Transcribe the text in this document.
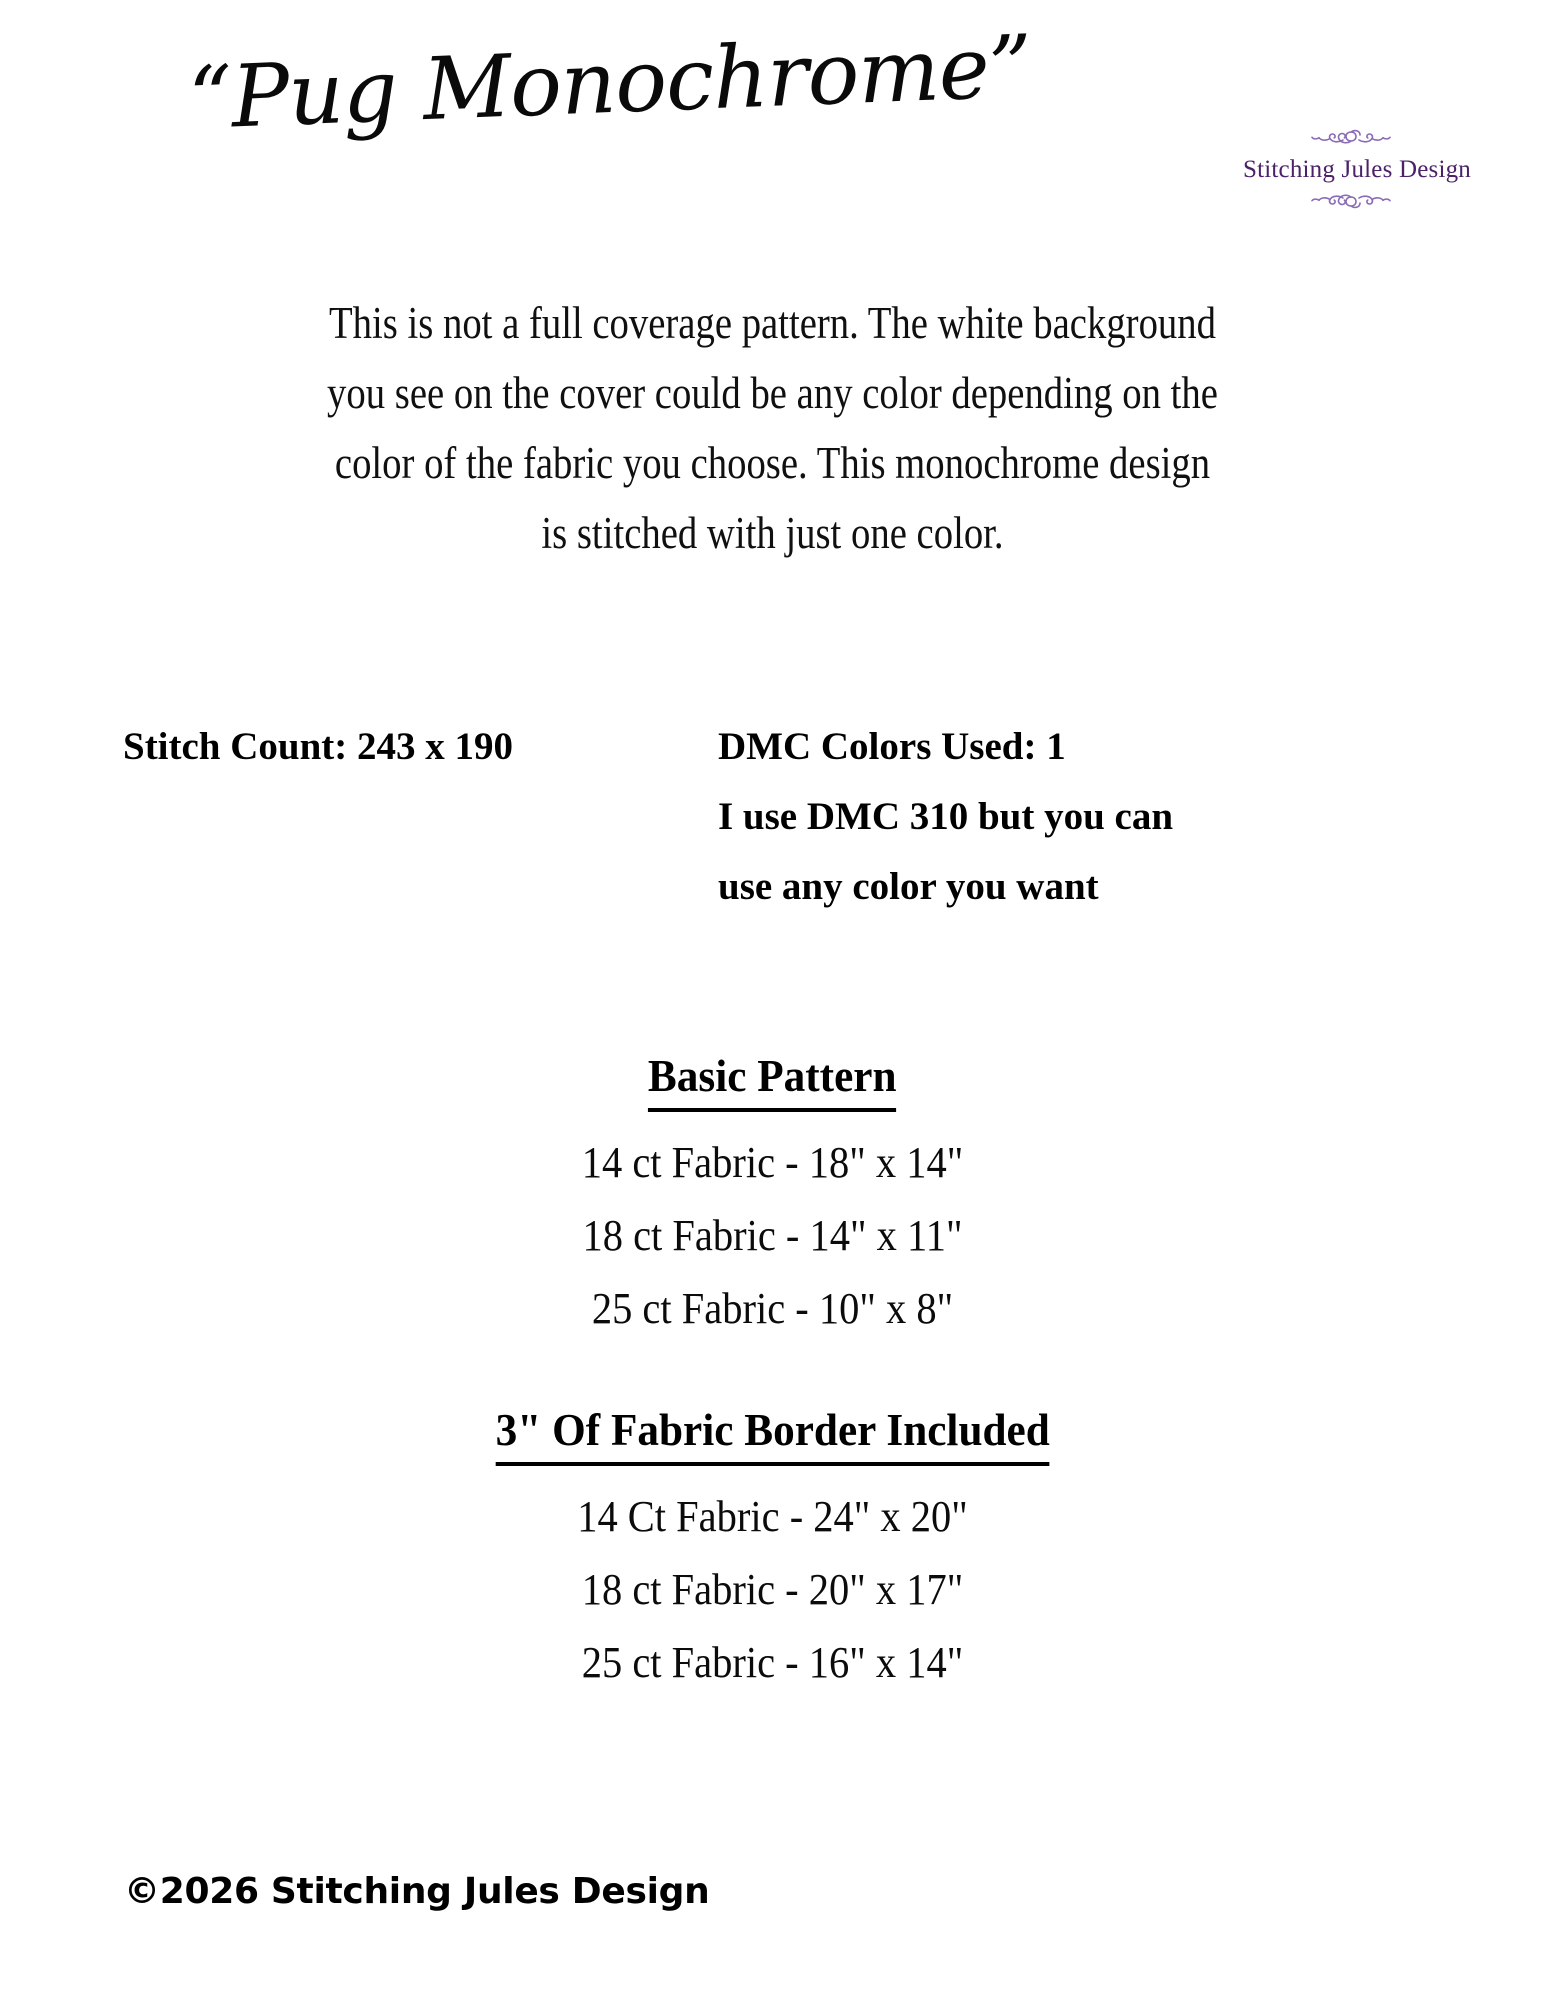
“Pug Monochrome”
Stitching Jules Design
This is not a full coverage pattern. The white background
you see on the cover could be any color depending on the
color of the fabric you choose. This monochrome design
is stitched with just one color.
Stitch Count: 243 x 190	DMC Colors Used: 1
I use DMC 310 but you can
use any color you want
Basic Pattern
14 ct Fabric - 18" x 14"
18 ct Fabric - 14" x 11"
25 ct Fabric - 10" x 8"
3" Of Fabric Border Included
14 Ct Fabric - 24" x 20"
18 ct Fabric - 20" x 17"
25 ct Fabric - 16" x 14"
©2026 Stitching Jules Design
